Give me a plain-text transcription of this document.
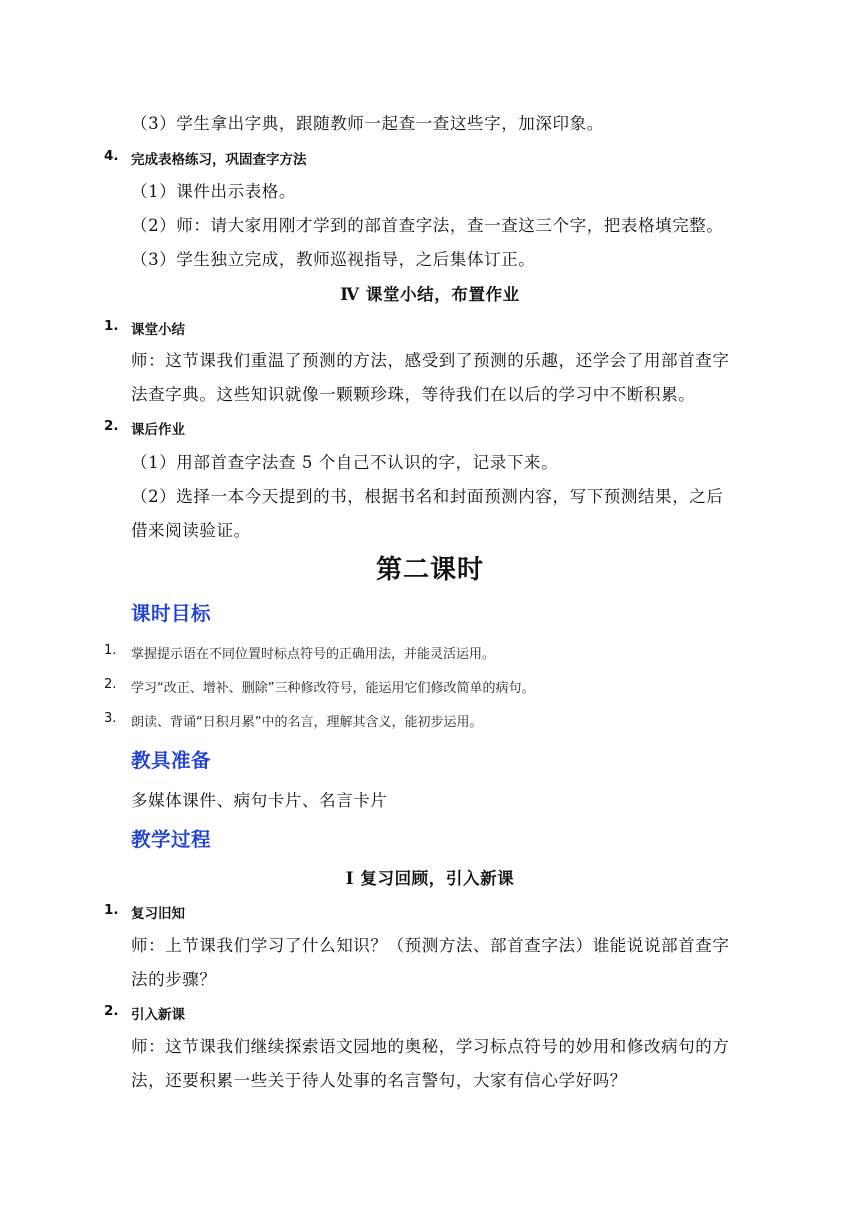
（3）学生拿出字典，跟随教师一起查一查这些字，加深印象。
4. 完成表格练习，巩固查字方法
（1）课件出示表格。
（2）师：请大家用刚才学到的部首查字法，查一查这三个字，把表格填完整。
（3）学生独立完成，教师巡视指导，之后集体订正。
Ⅳ 课堂小结，布置作业
1. 课堂小结
师：这节课我们重温了预测的方法，感受到了预测的乐趣，还学会了用部首查字
法查字典。这些知识就像一颗颗珍珠，等待我们在以后的学习中不断积累。
2. 课后作业
（1）用部首查字法查 5 个自己不认识的字，记录下来。
（2）选择一本今天提到的书，根据书名和封面预测内容，写下预测结果，之后
借来阅读验证。
第二课时
课时目标
1. 掌握提示语在不同位置时标点符号的正确用法，并能灵活运用。
2. 学习“改正、增补、删除”三种修改符号，能运用它们修改简单的病句。
3. 朗读、背诵“日积月累”中的名言，理解其含义，能初步运用。
教具准备
多媒体课件、病句卡片、名言卡片
教学过程
Ⅰ 复习回顾，引入新课
1. 复习旧知
师：上节课我们学习了什么知识？（预测方法、部首查字法）谁能说说部首查字
法的步骤？
2. 引入新课
师：这节课我们继续探索语文园地的奥秘，学习标点符号的妙用和修改病句的方
法，还要积累一些关于待人处事的名言警句，大家有信心学好吗？
